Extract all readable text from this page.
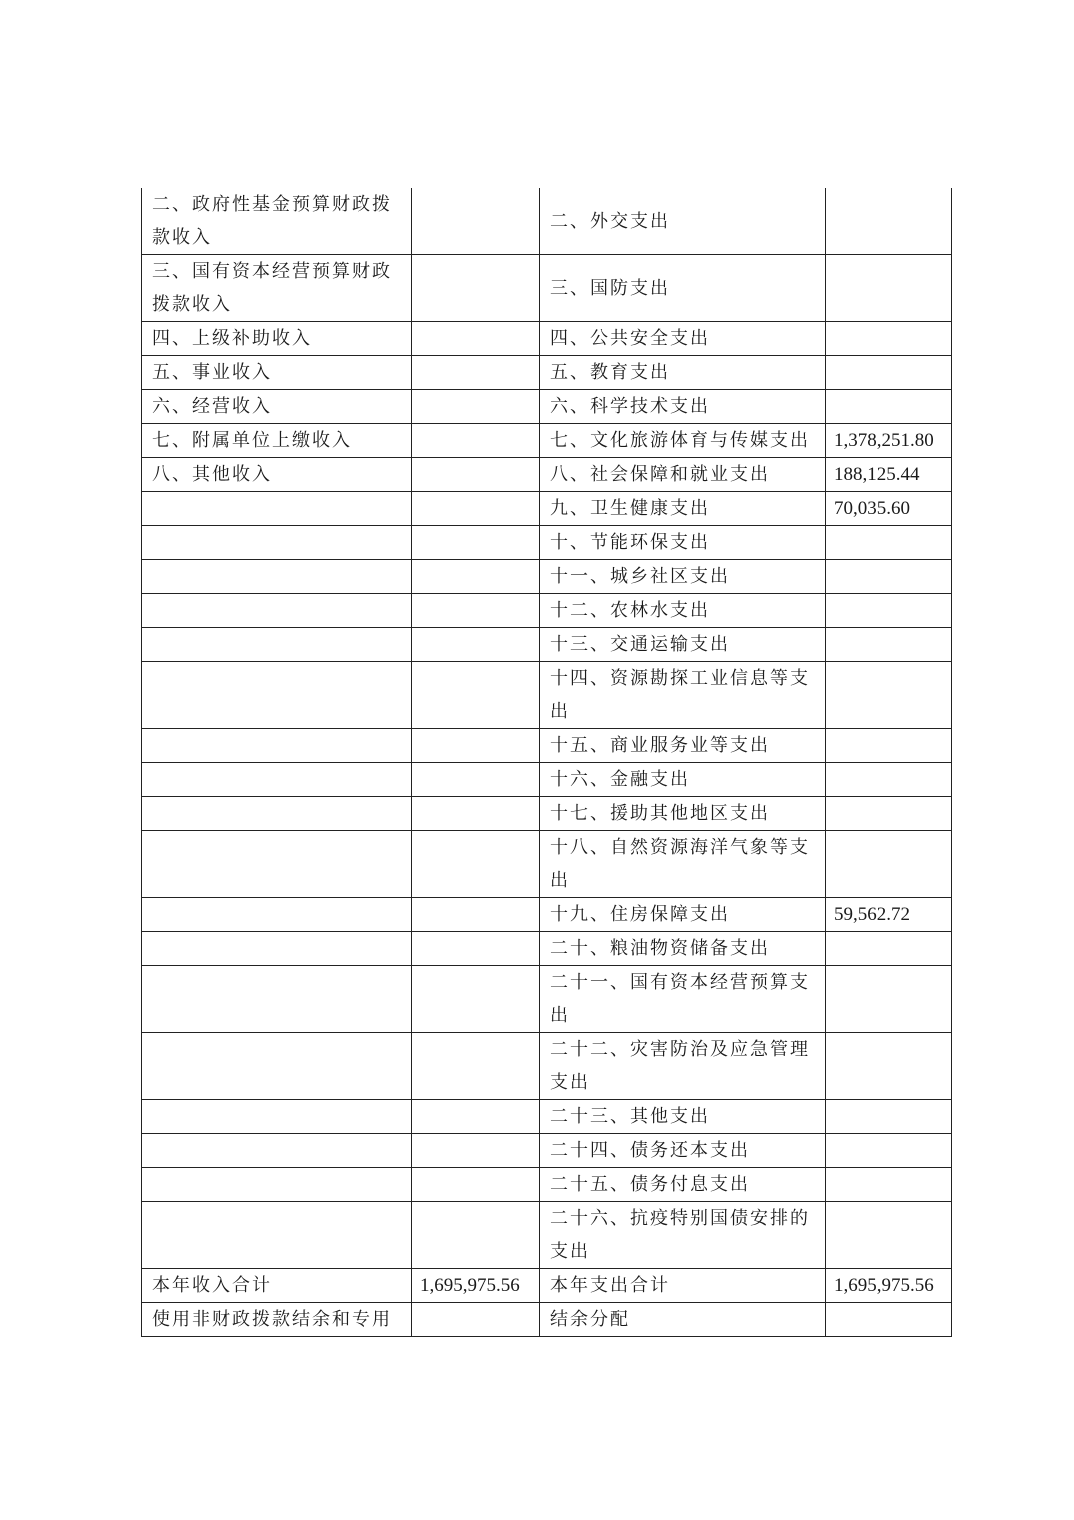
二、政府性基金预算财政拨款收入		二、外交支出	
三、国有资本经营预算财政拨款收入		三、国防支出	
四、上级补助收入		四、公共安全支出	
五、事业收入		五、教育支出	
六、经营收入		六、科学技术支出	
七、附属单位上缴收入		七、文化旅游体育与传媒支出	1,378,251.80
八、其他收入		八、社会保障和就业支出	188,125.44
		九、卫生健康支出	70,035.60
		十、节能环保支出	
		十一、城乡社区支出	
		十二、农林水支出	
		十三、交通运输支出	
		十四、资源勘探工业信息等支出	
		十五、商业服务业等支出	
		十六、金融支出	
		十七、援助其他地区支出	
		十八、自然资源海洋气象等支出	
		十九、住房保障支出	59,562.72
		二十、粮油物资储备支出	
		二十一、国有资本经营预算支出	
		二十二、灾害防治及应急管理支出	
		二十三、其他支出	
		二十四、债务还本支出	
		二十五、债务付息支出	
		二十六、抗疫特别国债安排的支出	
本年收入合计	1,695,975.56	本年支出合计	1,695,975.56
使用非财政拨款结余和专用		结余分配	
